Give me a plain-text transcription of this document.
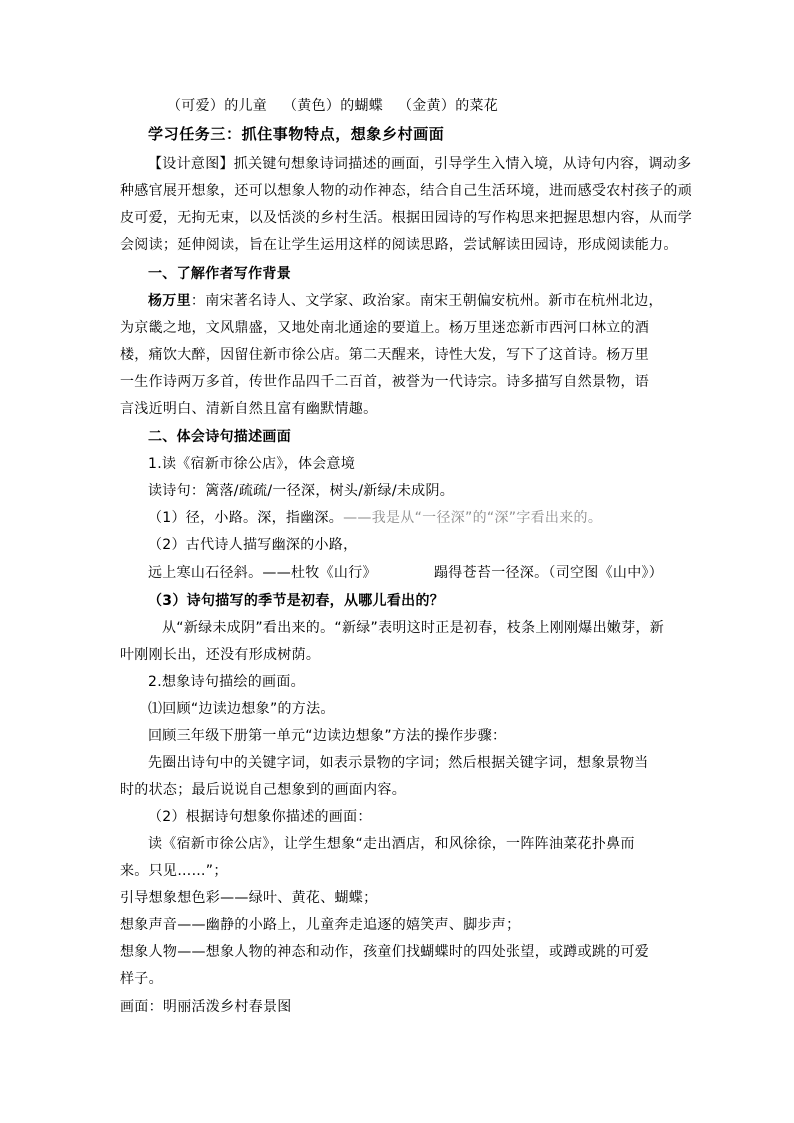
（可爱）的儿童 （黄色）的蝴蝶 （金黄）的菜花
学习任务三：抓住事物特点，想象乡村画面
【设计意图】抓关键句想象诗词描述的画面，引导学生入情入境，从诗句内容，调动多
种感官展开想象，还可以想象人物的动作神态，结合自己生活环境，进而感受农村孩子的顽
皮可爱，无拘无束，以及恬淡的乡村生活。根据田园诗的写作构思来把握思想内容，从而学
会阅读；延伸阅读，旨在让学生运用这样的阅读思路，尝试解读田园诗，形成阅读能力。
一、了解作者写作背景
杨万里：南宋著名诗人、文学家、政治家。南宋王朝偏安杭州。新市在杭州北边，
为京畿之地，文风鼎盛，又地处南北通途的要道上。杨万里迷恋新市西河口林立的酒
楼，痛饮大醉，因留住新市徐公店。第二天醒来，诗性大发，写下了这首诗。杨万里
一生作诗两万多首，传世作品四千二百首，被誉为一代诗宗。诗多描写自然景物，语
言浅近明白、清新自然且富有幽默情趣。
二、体会诗句描述画面
1.读《宿新市徐公店》，体会意境
读诗句：篱落/疏疏/一径深，树头/新绿/未成阴。
（1）径，小路。深，指幽深。——我是从“一径深”的“深”字看出来的。
（2）古代诗人描写幽深的小路，
远上寒山石径斜。——杜牧《山行》	蹋得苍苔一径深。（司空图《山中》）
（3）诗句描写的季节是初春，从哪儿看出的？
从“新绿未成阴”看出来的。“新绿”表明这时正是初春，枝条上刚刚爆出嫩芽，新
叶刚刚长出，还没有形成树荫。
2.想象诗句描绘的画面。
⑴回顾“边读边想象”的方法。
回顾三年级下册第一单元“边读边想象”方法的操作步骤：
先圈出诗句中的关键字词，如表示景物的字词；然后根据关键字词，想象景物当
时的状态；最后说说自己想象到的画面内容。
（2）根据诗句想象你描述的画面：
读《宿新市徐公店》，让学生想象“走出酒店，和风徐徐，一阵阵油菜花扑鼻而
来。只见……”；
引导想象想色彩——绿叶、黄花、蝴蝶；
想象声音——幽静的小路上，儿童奔走追逐的嬉笑声、脚步声；
想象人物——想象人物的神态和动作，孩童们找蝴蝶时的四处张望，或蹲或跳的可爱
样子。
画面：明丽活泼乡村春景图
